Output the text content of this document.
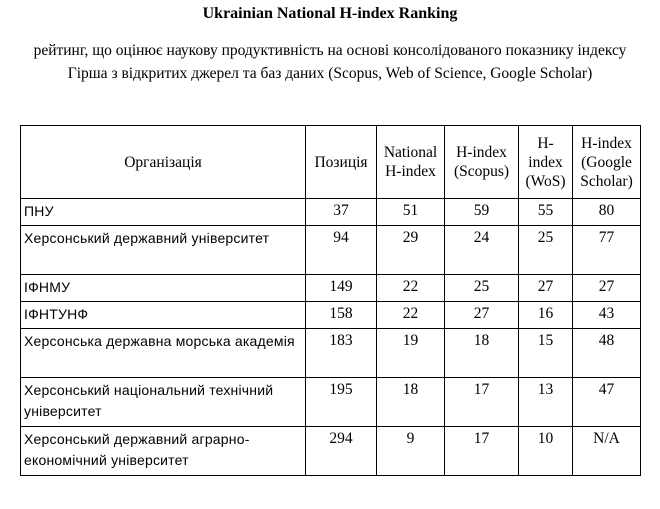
Ukrainian National H-index Ranking
рейтинг, що оцінює наукову продуктивність на основі консолідованого показнику індексу Гірша з відкритих джерел та баз даних (Scopus, Web of Science, Google Scholar)
Організація	Позиція	National H-index	H-index (Scopus)	H-index (WoS)	H-index (Google Scholar)
ПНУ	37	51	59	55	80
Херсонський державний університет	94	29	24	25	77
ІФНМУ	149	22	25	27	27
ІФНТУНФ	158	22	27	16	43
Херсонська державна морська академія	183	19	18	15	48
Херсонський національний технічний університет	195	18	17	13	47
Херсонський державний аграрно-економічний університет	294	9	17	10	N/A
